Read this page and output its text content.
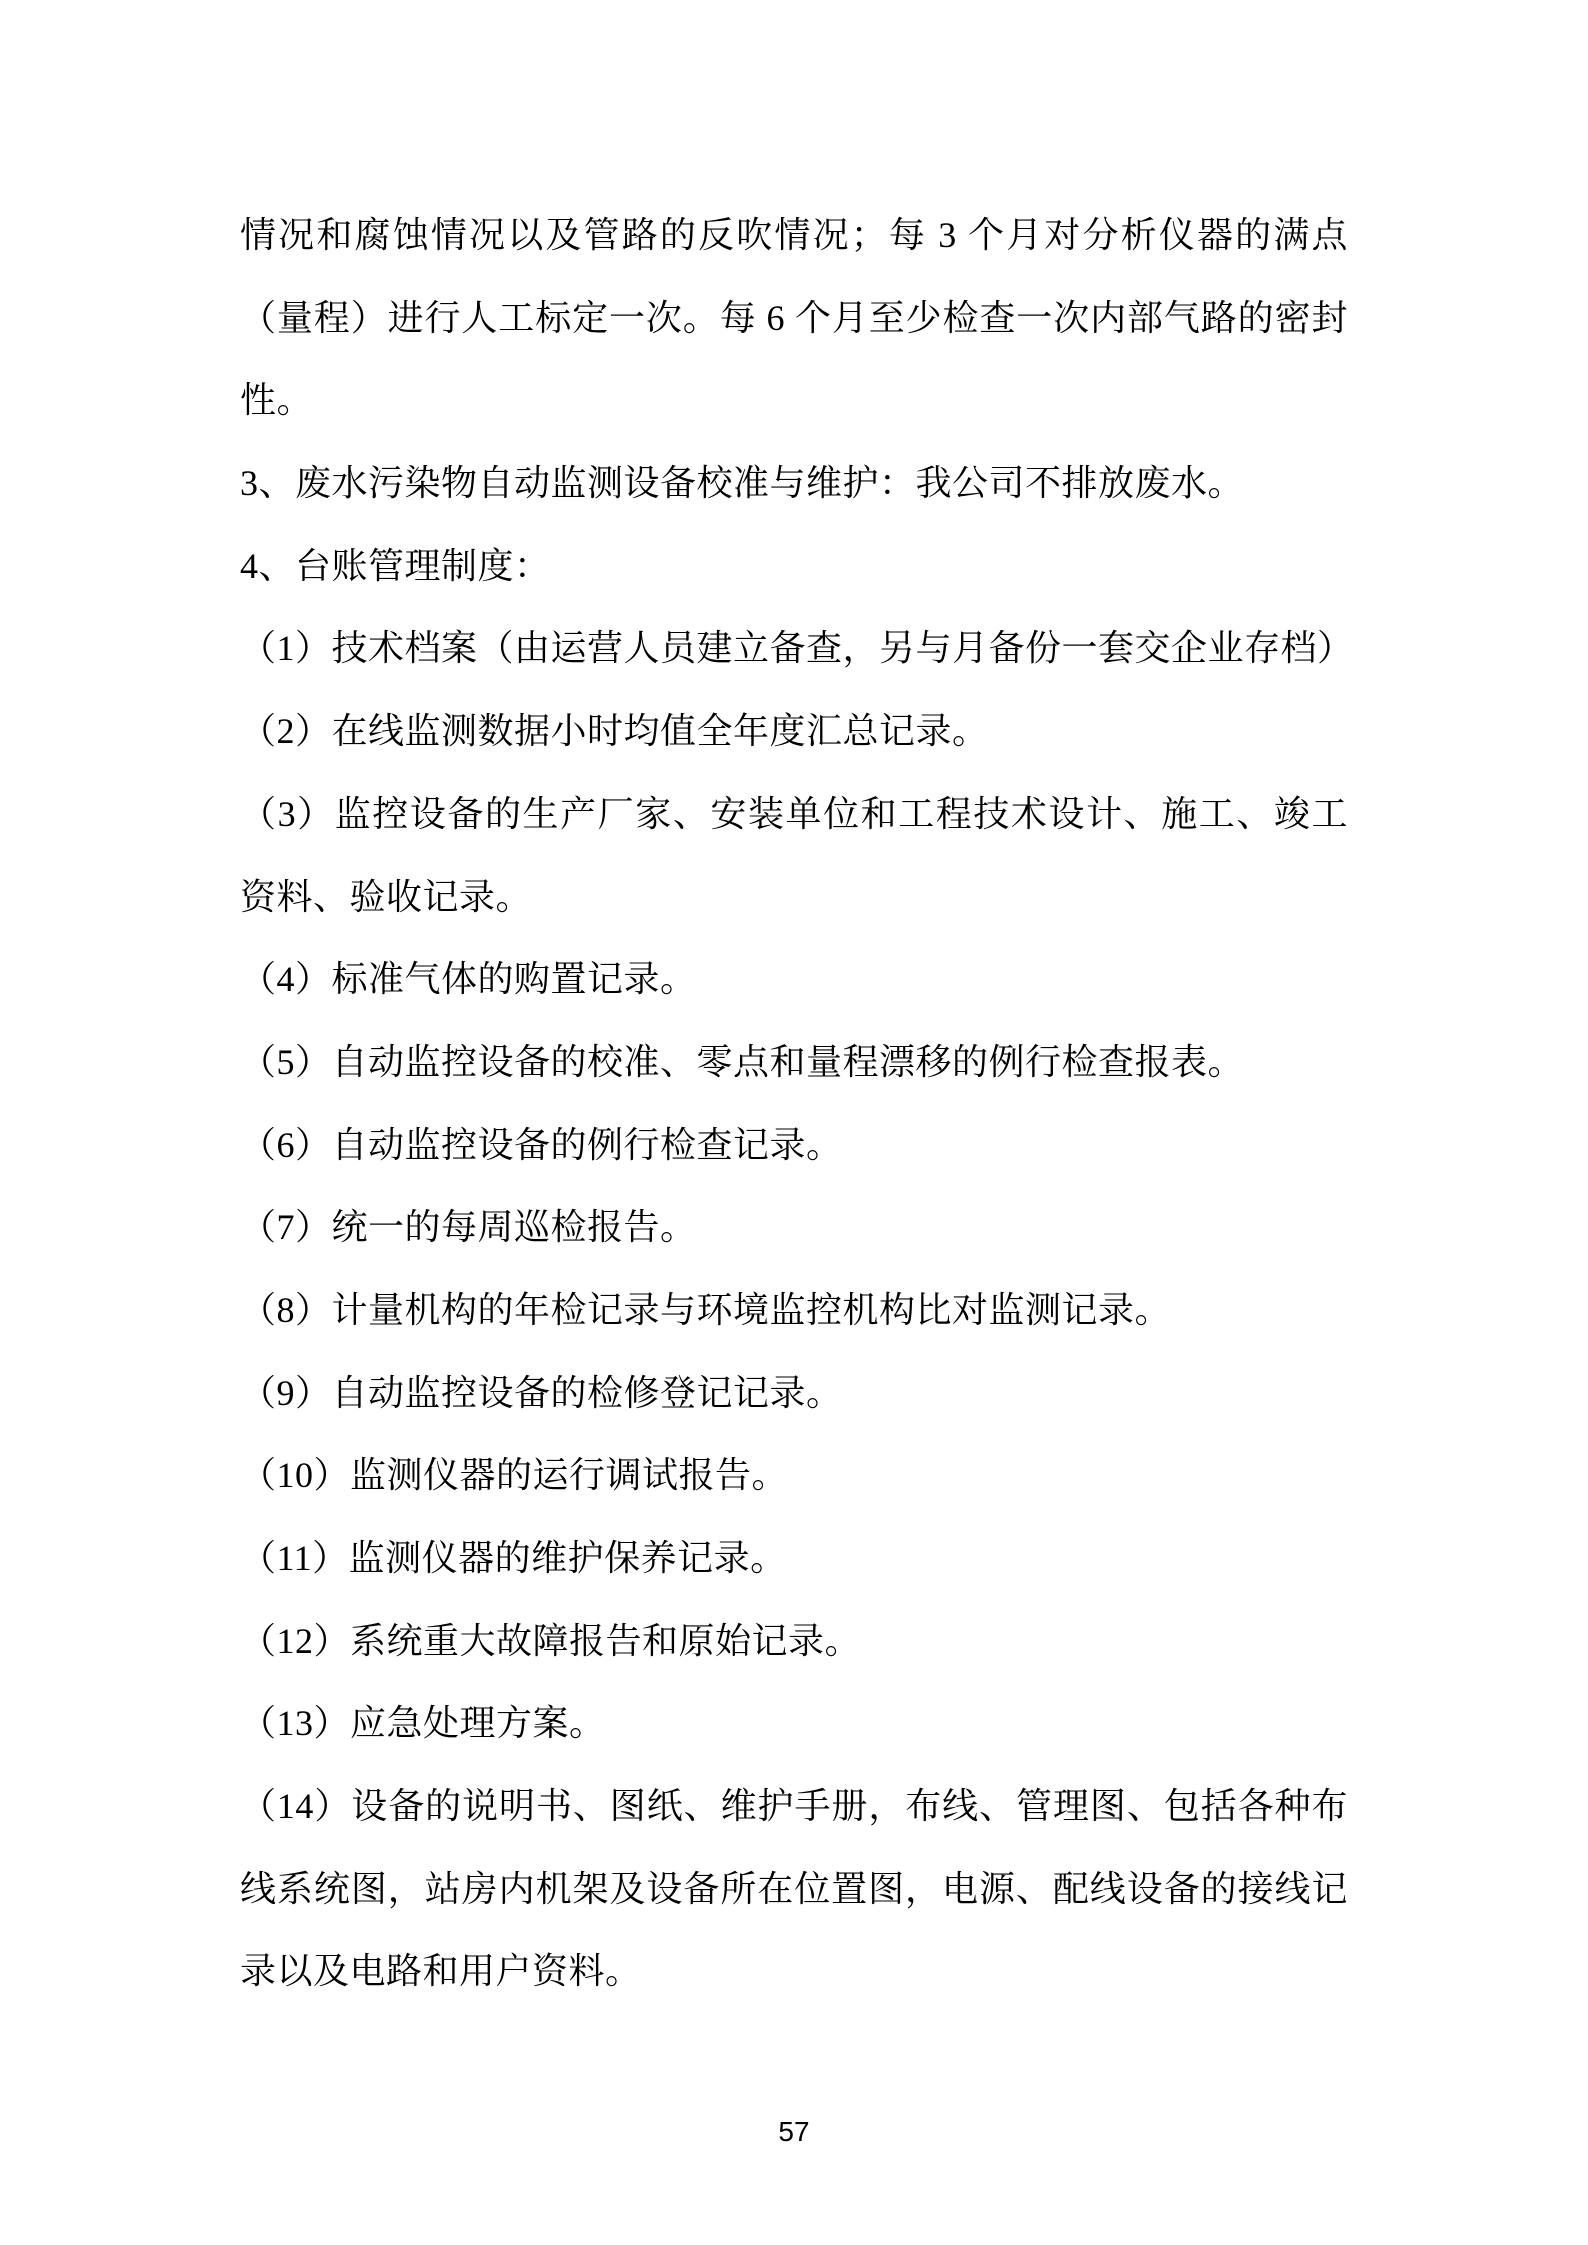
情况和腐蚀情况以及管路的反吹情况；每 3 个月对分析仪器的满点
（量程）进行人工标定一次。每 6 个月至少检查一次内部气路的密封
性。
3、废水污染物自动监测设备校准与维护：我公司不排放废水。
4、台账管理制度：
（1）技术档案（由运营人员建立备查，另与月备份一套交企业存档）
（2）在线监测数据小时均值全年度汇总记录。
（3）监控设备的生产厂家、安装单位和工程技术设计、施工、竣工
资料、验收记录。
（4）标准气体的购置记录。
（5）自动监控设备的校准、零点和量程漂移的例行检查报表。
（6）自动监控设备的例行检查记录。
（7）统一的每周巡检报告。
（8）计量机构的年检记录与环境监控机构比对监测记录。
（9）自动监控设备的检修登记记录。
（10）监测仪器的运行调试报告。
（11）监测仪器的维护保养记录。
（12）系统重大故障报告和原始记录。
（13）应急处理方案。
（14）设备的说明书、图纸、维护手册，布线、管理图、包括各种布
线系统图，站房内机架及设备所在位置图，电源、配线设备的接线记
录以及电路和用户资料。
57
